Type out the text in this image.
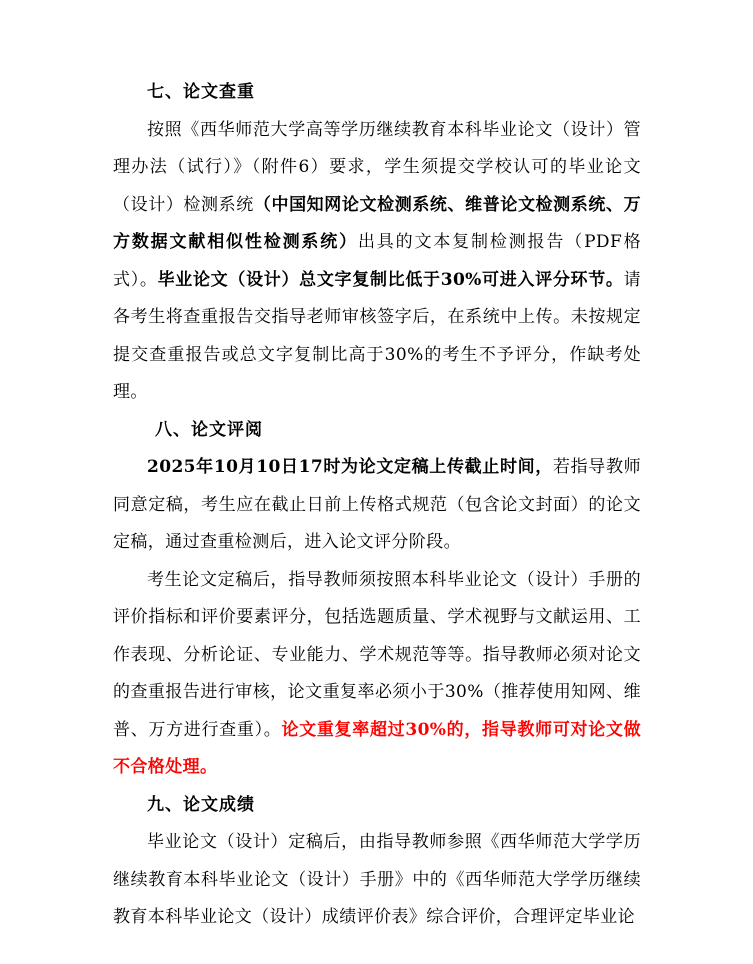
七、论文查重

按照《西华师范大学高等学历继续教育本科毕业论文（设计）管理办法（试行）》（附件6）要求，学生须提交学校认可的毕业论文（设计）检测系统（中国知网论文检测系统、维普论文检测系统、万方数据文献相似性检测系统）出具的文本复制检测报告（PDF格式）。毕业论文（设计）总文字复制比低于30%可进入评分环节。请各考生将查重报告交指导老师审核签字后，在系统中上传。未按规定提交查重报告或总文字复制比高于30%的考生不予评分，作缺考处理。

八、论文评阅

2025年10月10日17时为论文定稿上传截止时间，若指导教师同意定稿，考生应在截止日前上传格式规范（包含论文封面）的论文定稿，通过查重检测后，进入论文评分阶段。

考生论文定稿后，指导教师须按照本科毕业论文（设计）手册的评价指标和评价要素评分，包括选题质量、学术视野与文献运用、工作表现、分析论证、专业能力、学术规范等等。指导教师必须对论文的查重报告进行审核，论文重复率必须小于30%（推荐使用知网、维普、万方进行查重）。论文重复率超过30%的，指导教师可对论文做不合格处理。

九、论文成绩

毕业论文（设计）定稿后，由指导教师参照《西华师范大学学历继续教育本科毕业论文（设计）手册》中的《西华师范大学学历继续教育本科毕业论文（设计）成绩评价表》综合评价，合理评定毕业论
